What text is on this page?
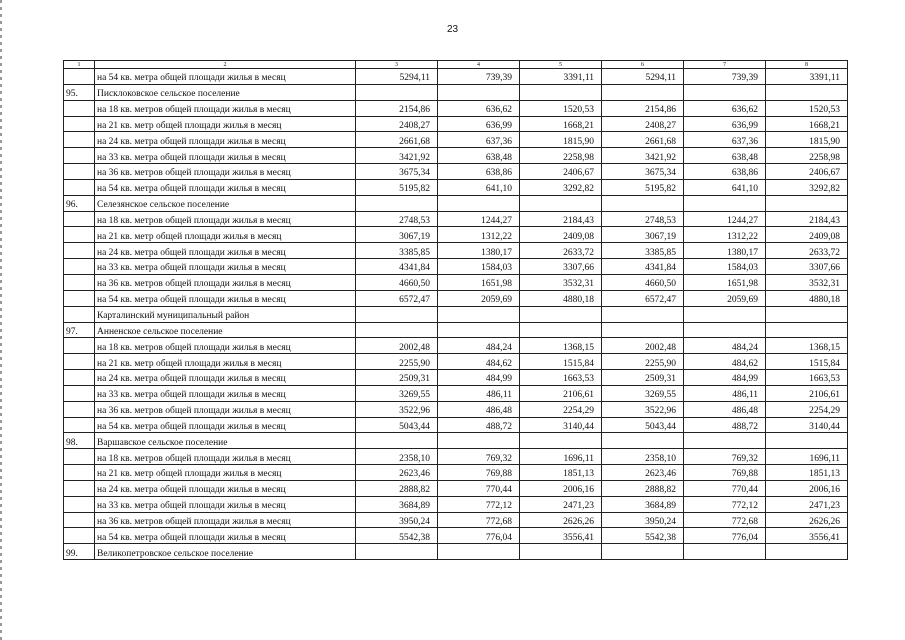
23
1	2	3	4	5	6	7	8
	на 54 кв. метра общей площади жилья в месяц	5294,11	739,39	3391,11	5294,11	739,39	3391,11
95.	Писклоковское сельское поселение						
	на 18 кв. метров общей площади жилья в месяц	2154,86	636,62	1520,53	2154,86	636,62	1520,53
	на 21 кв. метр общей площади жилья в месяц	2408,27	636,99	1668,21	2408,27	636,99	1668,21
	на 24 кв. метра общей площади жилья в месяц	2661,68	637,36	1815,90	2661,68	637,36	1815,90
	на 33 кв. метра общей площади жилья в месяц	3421,92	638,48	2258,98	3421,92	638,48	2258,98
	на 36 кв. метров общей площади жилья в месяц	3675,34	638,86	2406,67	3675,34	638,86	2406,67
	на 54 кв. метра общей площади жилья в месяц	5195,82	641,10	3292,82	5195,82	641,10	3292,82
96.	Селезянское сельское поселение						
	на 18 кв. метров общей площади жилья в месяц	2748,53	1244,27	2184,43	2748,53	1244,27	2184,43
	на 21 кв. метр общей площади жилья в месяц	3067,19	1312,22	2409,08	3067,19	1312,22	2409,08
	на 24 кв. метра общей площади жилья в месяц	3385,85	1380,17	2633,72	3385,85	1380,17	2633,72
	на 33 кв. метра общей площади жилья в месяц	4341,84	1584,03	3307,66	4341,84	1584,03	3307,66
	на 36 кв. метров общей площади жилья в месяц	4660,50	1651,98	3532,31	4660,50	1651,98	3532,31
	на 54 кв. метра общей площади жилья в месяц	6572,47	2059,69	4880,18	6572,47	2059,69	4880,18
	Карталинский муниципальный район						
97.	Анненское сельское поселение						
	на 18 кв. метров общей площади жилья в месяц	2002,48	484,24	1368,15	2002,48	484,24	1368,15
	на 21 кв. метр общей площади жилья в месяц	2255,90	484,62	1515,84	2255,90	484,62	1515,84
	на 24 кв. метра общей площади жилья в месяц	2509,31	484,99	1663,53	2509,31	484,99	1663,53
	на 33 кв. метра общей площади жилья в месяц	3269,55	486,11	2106,61	3269,55	486,11	2106,61
	на 36 кв. метров общей площади жилья в месяц	3522,96	486,48	2254,29	3522,96	486,48	2254,29
	на 54 кв. метра общей площади жилья в месяц	5043,44	488,72	3140,44	5043,44	488,72	3140,44
98.	Варшавское сельское поселение						
	на 18 кв. метров общей площади жилья в месяц	2358,10	769,32	1696,11	2358,10	769,32	1696,11
	на 21 кв. метр общей площади жилья в месяц	2623,46	769,88	1851,13	2623,46	769,88	1851,13
	на 24 кв. метра общей площади жилья в месяц	2888,82	770,44	2006,16	2888,82	770,44	2006,16
	на 33 кв. метра общей площади жилья в месяц	3684,89	772,12	2471,23	3684,89	772,12	2471,23
	на 36 кв. метров общей площади жилья в месяц	3950,24	772,68	2626,26	3950,24	772,68	2626,26
	на 54 кв. метра общей площади жилья в месяц	5542,38	776,04	3556,41	5542,38	776,04	3556,41
99.	Великопетровское сельское поселение						
